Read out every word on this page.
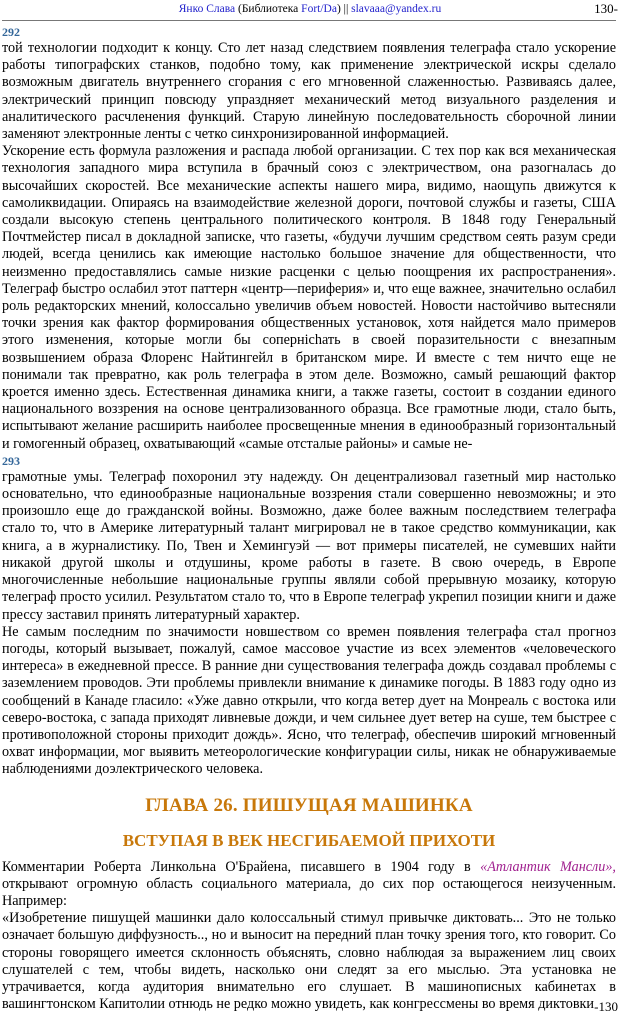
Янко Слава (Библиотека Fort/Da) || slavaaa@yandex.ru	130-
292

той технологии подходит к концу. Сто лет назад следствием появления телеграфа стало ускорение работы типографских станков, подобно тому, как применение электрической искры сделало возможным двигатель внутреннего сгорания с его мгновенной слаженностью. Развиваясь далее, электрический принцип повсюду упраздняет механический метод визуального разделения и аналитического расчленения функций. Старую линейную последовательность сборочной линии заменяют электронные ленты с четко синхронизированной информацией.

Ускорение есть формула разложения и распада любой организации. С тех пор как вся механическая технология западного мира вступила в брачный союз с электричеством, она разогналась до высочайших скоростей. Все механические аспекты нашего мира, видимо, наощупь движутся к самоликвидации. Опираясь на взаимодействие железной дороги, почтовой службы и газеты, США создали высокую степень центрального политического контроля. В 1848 году Генеральный Почтмейстер писал в докладной записке, что газеты, «будучи лучшим средством сеять разум среди людей, всегда ценились как имеющие настолько большое значение для общественности, что неизменно предоставлялись самые низкие расценки с целью поощрения их распространения». Телеграф быстро ослабил этот паттерн «центр—периферия» и, что еще важнее, значительно ослабил роль редакторских мнений, колоссально увеличив объем новостей. Новости настойчиво вытесняли точки зрения как фактор формирования общественных установок, хотя найдется мало примеров этого изменения, которые могли бы сопернichать в своей поразительности с внезапным возвышением образа Флоренс Найтингейл в британском мире. И вместе с тем ничто еще не понимали так превратно, как роль телеграфа в этом деле. Возможно, самый решающий фактор кроется именно здесь. Естественная динамика книги, а также газеты, состоит в создании единого национального воззрения на основе централизованного образца. Все грамотные люди, стало быть, испытывают желание расширить наиболее просвещенные мнения в единообразный горизонтальный и гомогенный образец, охватывающий «самые отсталые районы» и самые не-

293

грамотные умы. Телеграф похоронил эту надежду. Он децентрализовал газетный мир настолько основательно, что единообразные национальные воззрения стали совершенно невозможны; и это произошло еще до гражданской войны. Возможно, даже более важным последствием телеграфа стало то, что в Америке литературный талант мигрировал не в такое средство коммуникации, как книга, а в журналистику. По, Твен и Хемингуэй — вот примеры писателей, не сумевших найти никакой другой школы и отдушины, кроме работы в газете. В свою очередь, в Европе многочисленные небольшие национальные группы являли собой прерывную мозаику, которую телеграф просто усилил. Результатом стало то, что в Европе телеграф укрепил позиции книги и даже прессу заставил принять литературный характер.

Не самым последним по значимости новшеством со времен появления телеграфа стал прогноз погоды, который вызывает, пожалуй, самое массовое участие из всех элементов «человеческого интереса» в ежедневной прессе. В ранние дни существования телеграфа дождь создавал проблемы с заземлением проводов. Эти проблемы привлекли внимание к динамике погоды. В 1883 году одно из сообщений в Канаде гласило: «Уже давно открыли, что когда ветер дует на Монреаль с востока или северо-востока, с запада приходят ливневые дожди, и чем сильнее дует ветер на суше, тем быстрее с противоположной стороны приходит дождь». Ясно, что телеграф, обеспечив широкий мгновенный охват информации, мог выявить метеорологические конфигурации силы, никак не обнаруживаемые наблюдениями доэлектрического человека.

ГЛАВА 26. ПИШУЩАЯ МАШИНКА
ВСТУПАЯ В ВЕК НЕСГИБАЕМОЙ ПРИХОТИ

Комментарии Роберта Линкольна О'Брайена, писавшего в 1904 году в «Атлантик Мансли», открывают огромную область социального материала, до сих пор остающегося неизученным. Например:

«Изобретение пишущей машинки дало колоссальный стимул привычке диктовать... Это не только означает большую диффузность.., но и выносит на передний план точку зрения того, кто говорит. Со стороны говорящего имеется склонность объяснять, словно наблюдая за выражением лиц своих слушателей с тем, чтобы видеть, насколько они следят за его мыслью. Эта установка не утрачивается, когда аудитория внимательно его слушает. В машинописных кабинетах в вашингтонском Капитолии отнюдь не редко можно увидеть, как конгрессмены во время диктовки -130
